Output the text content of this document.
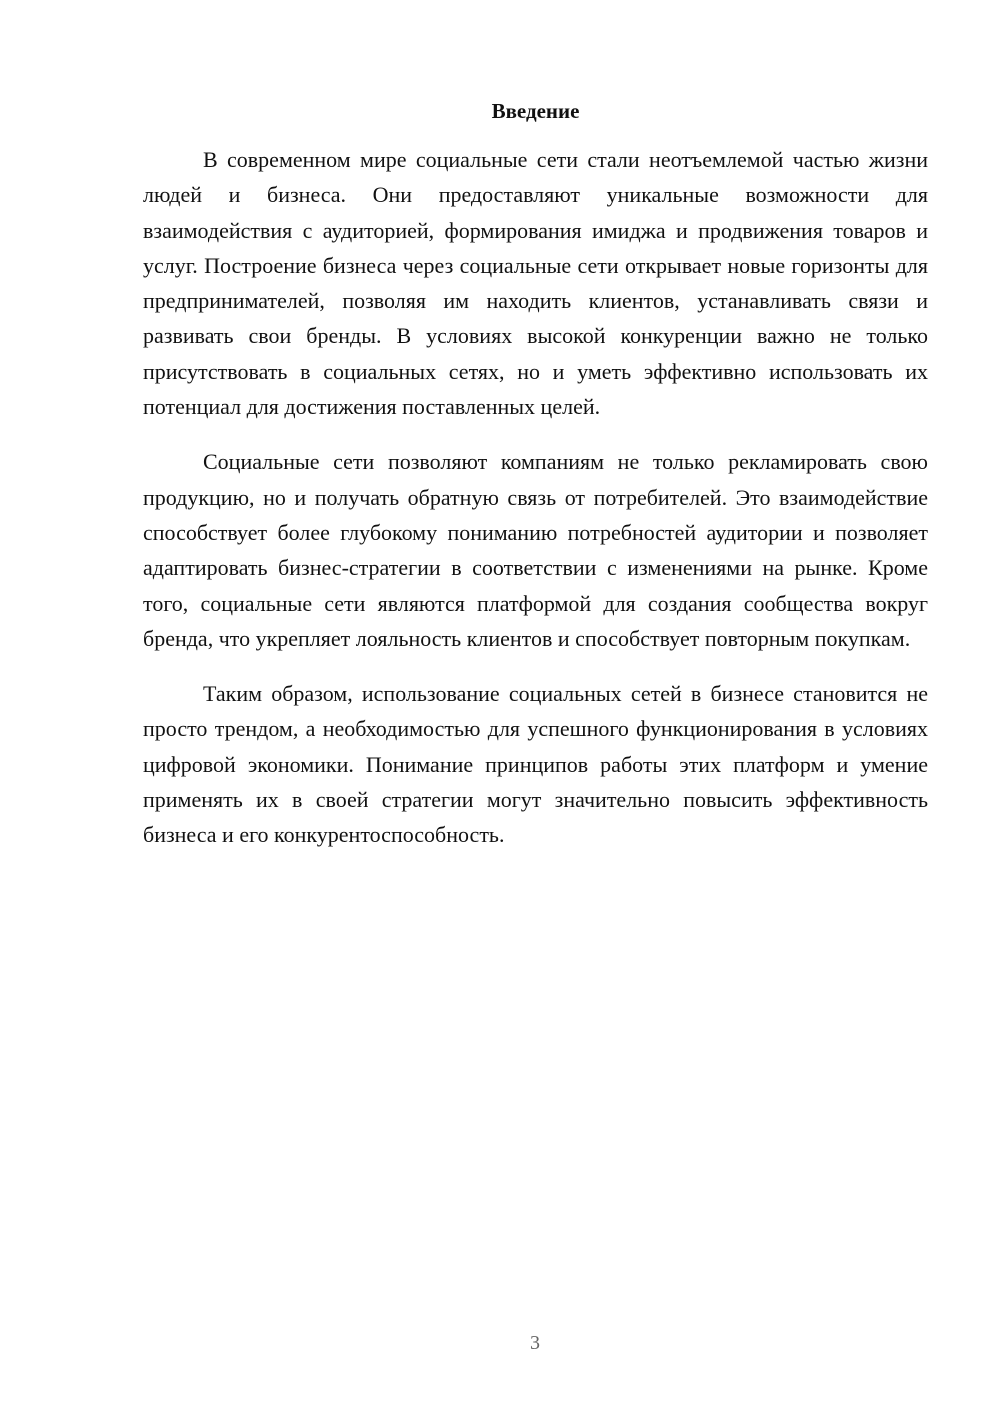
Введение

В современном мире социальные сети стали неотъемлемой частью жизни людей и бизнеса. Они предоставляют уникальные возможности для взаимодействия с аудиторией, формирования имиджа и продвижения товаров и услуг. Построение бизнеса через социальные сети открывает новые горизонты для предпринимателей, позволяя им находить клиентов, устанавливать связи и развивать свои бренды. В условиях высокой конкуренции важно не только присутствовать в социальных сетях, но и уметь эффективно использовать их потенциал для достижения поставленных целей.

Социальные сети позволяют компаниям не только рекламировать свою продукцию, но и получать обратную связь от потребителей. Это взаимодействие способствует более глубокому пониманию потребностей аудитории и позволяет адаптировать бизнес-стратегии в соответствии с изменениями на рынке. Кроме того, социальные сети являются платформой для создания сообщества вокруг бренда, что укрепляет лояльность клиентов и способствует повторным покупкам.

Таким образом, использование социальных сетей в бизнесе становится не просто трендом, а необходимостью для успешного функционирования в условиях цифровой экономики. Понимание принципов работы этих платформ и умение применять их в своей стратегии могут значительно повысить эффективность бизнеса и его конкурентоспособность.

3
